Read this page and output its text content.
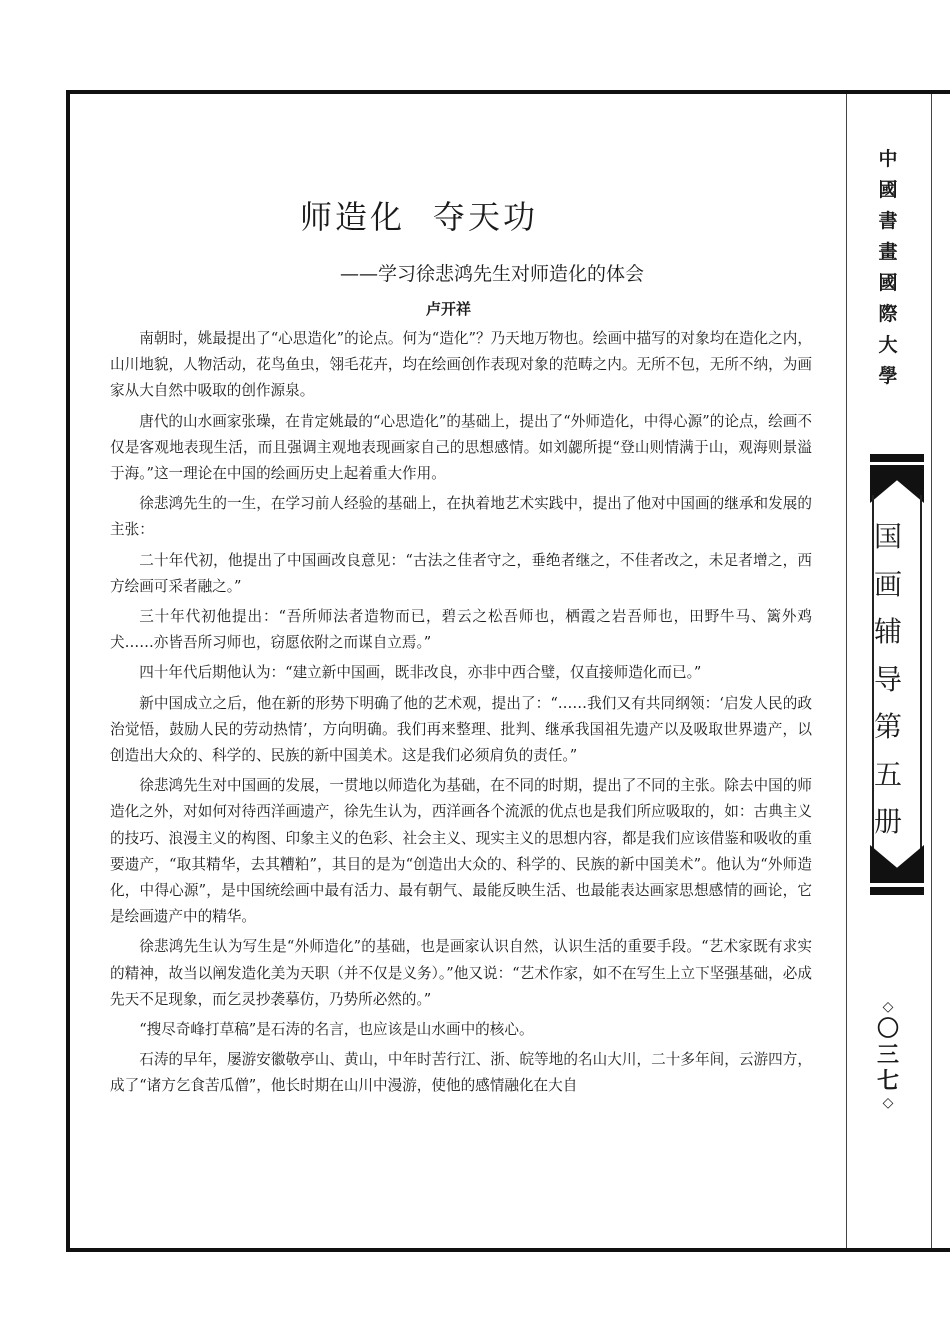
中
國
書
畫
國
際
大
學
国
画
辅
导
第
五
册
◇
〇
三
七
◇
师造化 夺天功
——学习徐悲鸿先生对师造化的体会
卢开祥

南朝时，姚最提出了“心思造化”的论点。何为“造化”？乃天地万物也。绘画中描写的对象均在造化之内，山川地貌，人物活动，花鸟鱼虫，翎毛花卉，均在绘画创作表现对象的范畴之内。无所不包，无所不纳，为画家从大自然中吸取的创作源泉。

唐代的山水画家张璪，在肯定姚最的“心思造化”的基础上，提出了“外师造化，中得心源”的论点，绘画不仅是客观地表现生活，而且强调主观地表现画家自己的思想感情。如刘勰所提“登山则情满于山，观海则景溢于海。”这一理论在中国的绘画历史上起着重大作用。

徐悲鸿先生的一生，在学习前人经验的基础上，在执着地艺术实践中，提出了他对中国画的继承和发展的主张：

二十年代初，他提出了中国画改良意见：“古法之佳者守之，垂绝者继之，不佳者改之，未足者增之，西方绘画可采者融之。”

三十年代初他提出：“吾所师法者造物而已，碧云之松吾师也，栖霞之岩吾师也，田野牛马、篱外鸡犬……亦皆吾所习师也，窃愿依附之而谋自立焉。”

四十年代后期他认为：“建立新中国画，既非改良，亦非中西合璧，仅直接师造化而已。”

新中国成立之后，他在新的形势下明确了他的艺术观，提出了：“……我们又有共同纲领：‘启发人民的政治觉悟，鼓励人民的劳动热情’，方向明确。我们再来整理、批判、继承我国祖先遗产以及吸取世界遗产，以创造出大众的、科学的、民族的新中国美术。这是我们必须肩负的责任。”

徐悲鸿先生对中国画的发展，一贯地以师造化为基础，在不同的时期，提出了不同的主张。除去中国的师造化之外，对如何对待西洋画遗产，徐先生认为，西洋画各个流派的优点也是我们所应吸取的，如：古典主义的技巧、浪漫主义的构图、印象主义的色彩、社会主义、现实主义的思想内容，都是我们应该借鉴和吸收的重要遗产，“取其精华，去其糟粕”，其目的是为“创造出大众的、科学的、民族的新中国美术”。他认为“外师造化，中得心源”，是中国统绘画中最有活力、最有朝气、最能反映生活、也最能表达画家思想感情的画论，它是绘画遗产中的精华。

徐悲鸿先生认为写生是“外师造化”的基础，也是画家认识自然，认识生活的重要手段。“艺术家既有求实的精神，故当以阐发造化美为天职（并不仅是义务）。”他又说：“艺术作家，如不在写生上立下坚强基础，必成先天不足现象，而乞灵抄袭摹仿，乃势所必然的。”

“搜尽奇峰打草稿”是石涛的名言，也应该是山水画中的核心。

石涛的早年，屡游安徽敬亭山、黄山，中年时苦行江、浙、皖等地的名山大川，二十多年间，云游四方，成了“诸方乞食苦瓜僧”，他长时期在山川中漫游，使他的感情融化在大自
